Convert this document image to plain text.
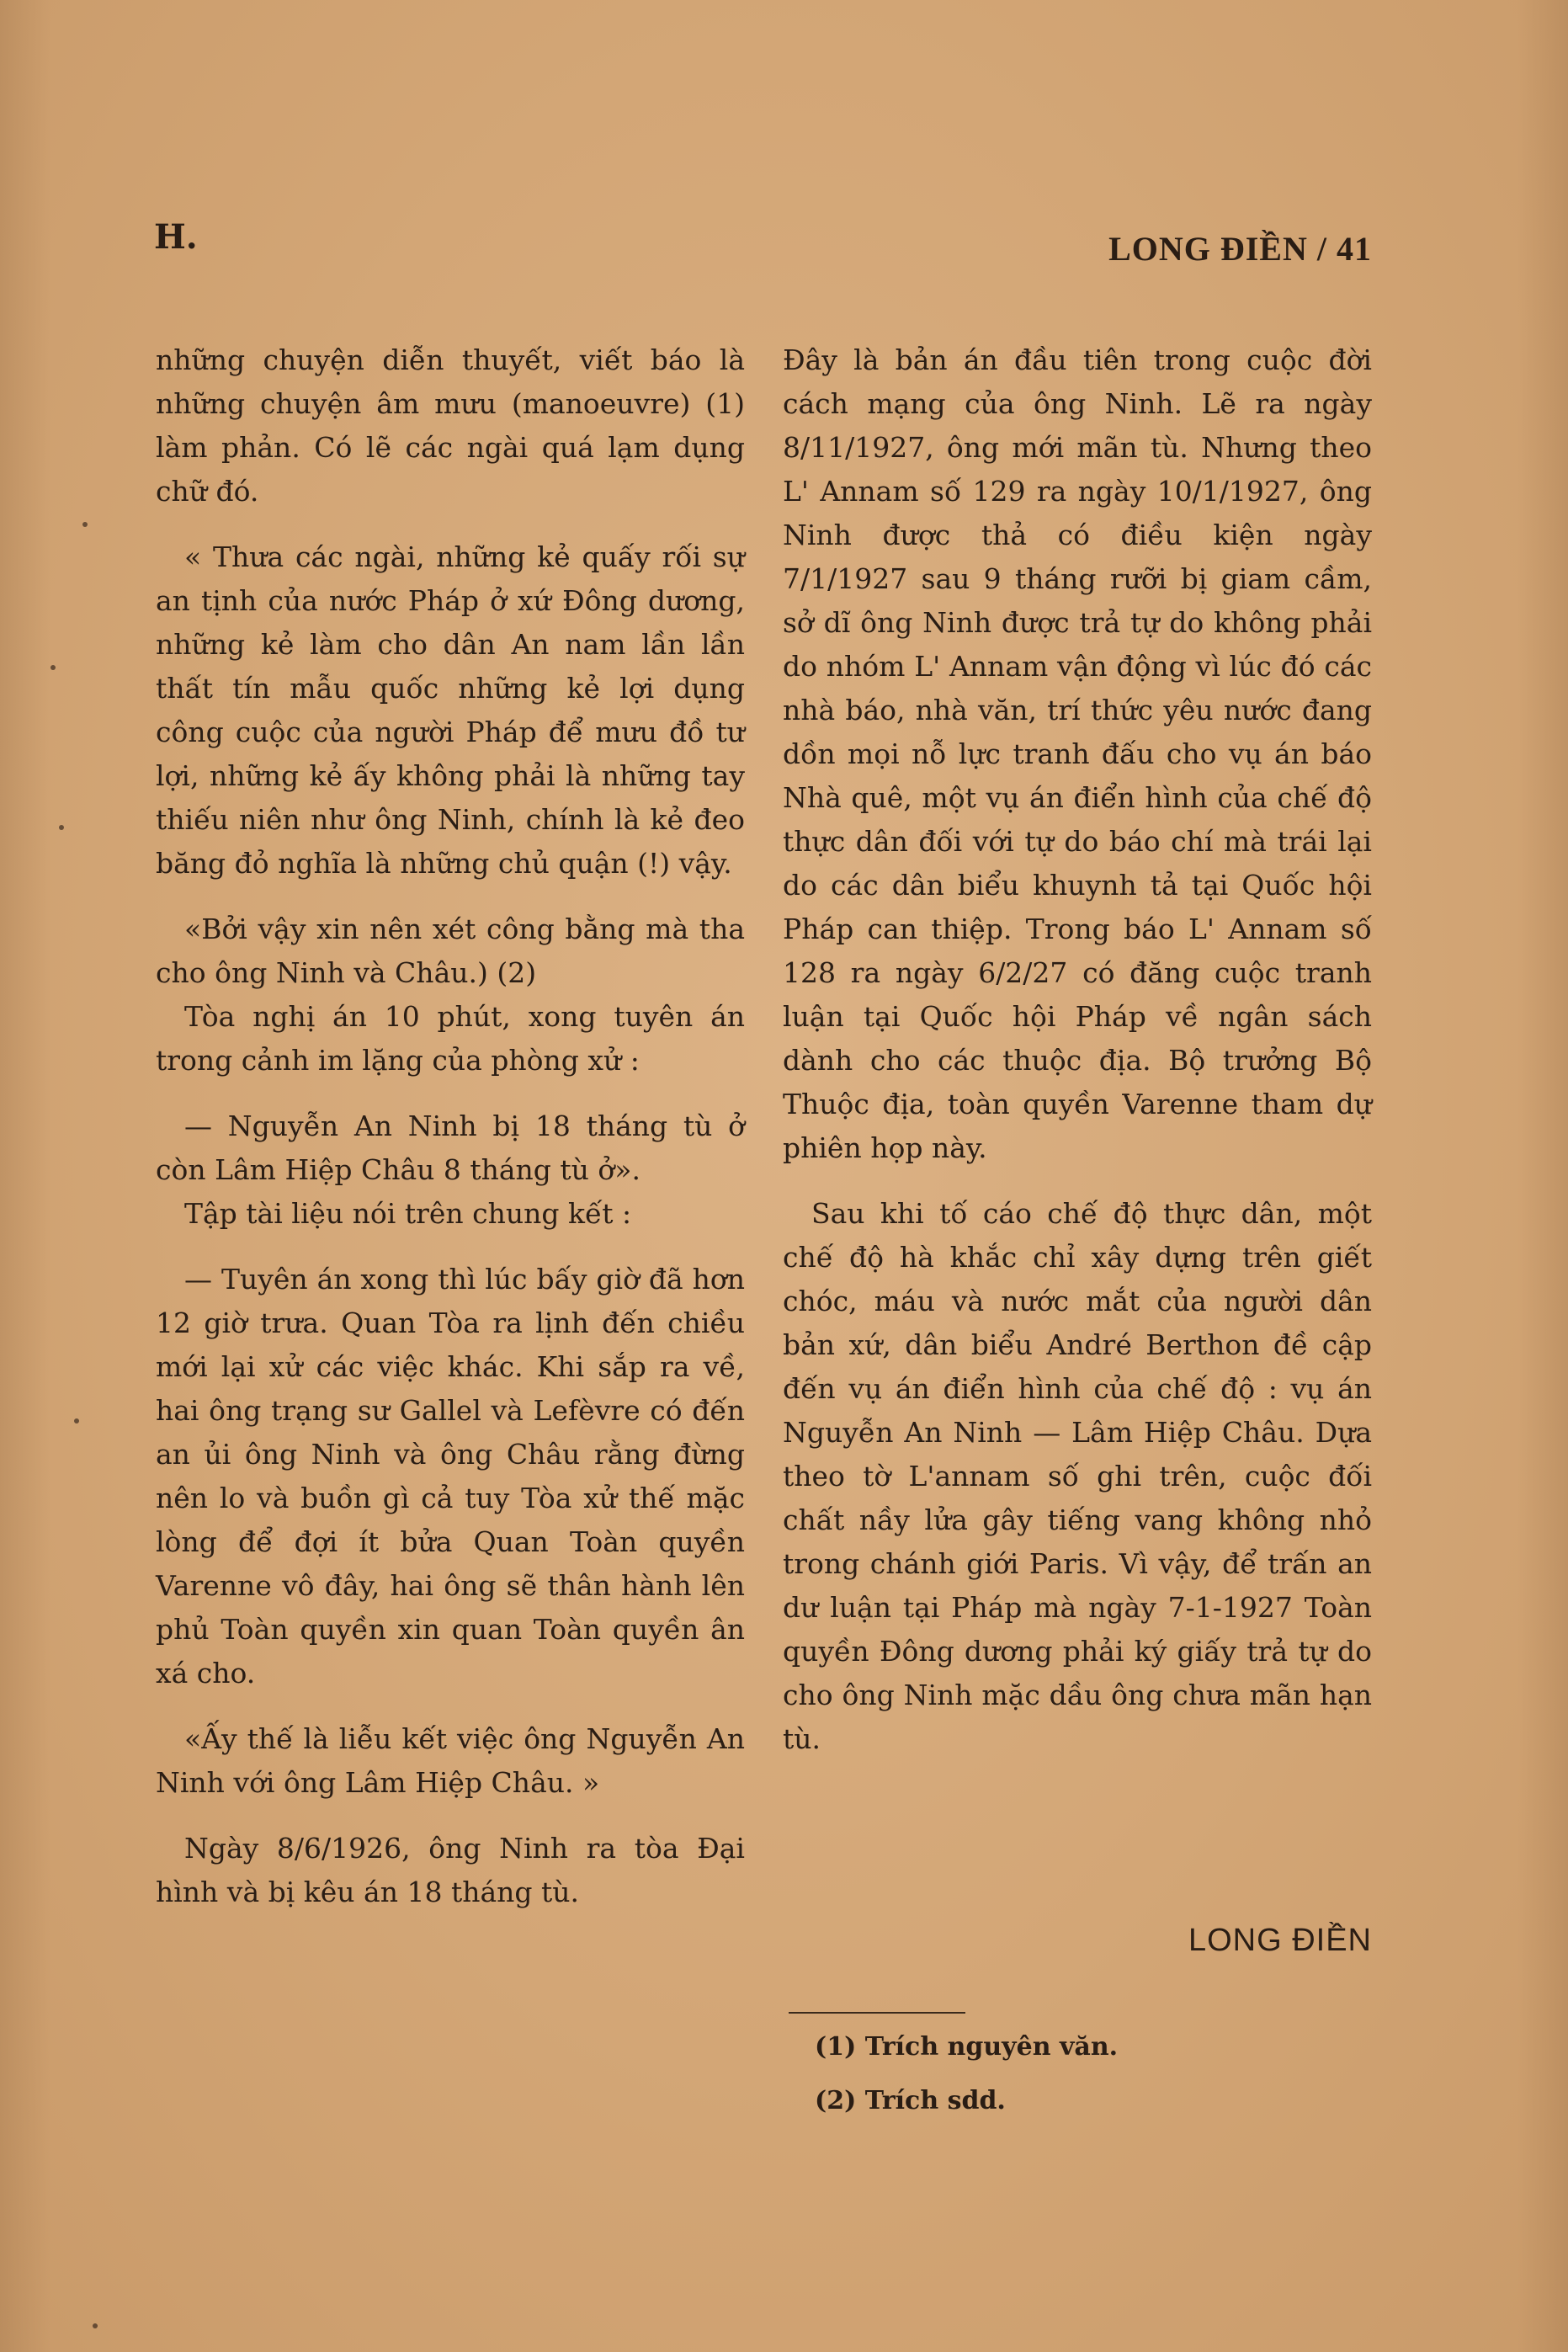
H.	LONG ĐIỀN / 41

những chuyện diễn thuyết, viết báo là những chuyện âm mưu (manoeuvre) (1) làm phản. Có lẽ các ngài quá lạm dụng chữ đó.

« Thưa các ngài, những kẻ quấy rối sự an tịnh của nước Pháp ở xứ Đông dương, những kẻ làm cho dân An nam lần lần thất tín mẫu quốc những kẻ lợi dụng công cuộc của người Pháp để mưu đồ tư lợi, những kẻ ấy không phải là những tay thiếu niên như ông Ninh, chính là kẻ đeo băng đỏ nghĩa là những chủ quận (!) vậy.

«Bởi vậy xin nên xét công bằng mà tha cho ông Ninh và Châu.) (2)

Tòa nghị án 10 phút, xong tuyên án trong cảnh im lặng của phòng xử :

— Nguyễn An Ninh bị 18 tháng tù ở còn Lâm Hiệp Châu 8 tháng tù ở».

Tập tài liệu nói trên chung kết :

— Tuyên án xong thì lúc bấy giờ đã hơn 12 giờ trưa. Quan Tòa ra lịnh đến chiều mới lại xử các việc khác. Khi sắp ra về, hai ông trạng sư Gallel và Lefèvre có đến an ủi ông Ninh và ông Châu rằng đừng nên lo và buồn gì cả tuy Tòa xử thế mặc lòng để đợi ít bửa Quan Toàn quyền Varenne vô đây, hai ông sẽ thân hành lên phủ Toàn quyền xin quan Toàn quyền ân xá cho.

«Ấy thế là liễu kết việc ông Nguyễn An Ninh với ông Lâm Hiệp Châu. »

Ngày 8/6/1926, ông Ninh ra tòa Đại hình và bị kêu án 18 tháng tù.

Đây là bản án đầu tiên trong cuộc đời cách mạng của ông Ninh. Lẽ ra ngày 8/11/1927, ông mới mãn tù. Nhưng theo L' Annam số 129 ra ngày 10/1/1927, ông Ninh được thả có điều kiện ngày 7/1/1927 sau 9 tháng rưỡi bị giam cầm, sở dĩ ông Ninh được trả tự do không phải do nhóm L' Annam vận động vì lúc đó các nhà báo, nhà văn, trí thức yêu nước đang dồn mọi nỗ lực tranh đấu cho vụ án báo Nhà quê, một vụ án điển hình của chế độ thực dân đối với tự do báo chí mà trái lại do các dân biểu khuynh tả tại Quốc hội Pháp can thiệp. Trong báo L' Annam số 128 ra ngày 6/2/27 có đăng cuộc tranh luận tại Quốc hội Pháp về ngân sách dành cho các thuộc địa. Bộ trưởng Bộ Thuộc địa, toàn quyền Varenne tham dự phiên họp này.

Sau khi tố cáo chế độ thực dân, một chế độ hà khắc chỉ xây dựng trên giết chóc, máu và nước mắt của người dân bản xứ, dân biểu André Berthon đề cập đến vụ án điển hình của chế độ : vụ án Nguyễn An Ninh — Lâm Hiệp Châu. Dựa theo tờ L'annam số ghi trên, cuộc đối chất nầy lửa gây tiếng vang không nhỏ trong chánh giới Paris. Vì vậy, để trấn an dư luận tại Pháp mà ngày 7-1-1927 Toàn quyền Đông dương phải ký giấy trả tự do cho ông Ninh mặc dầu ông chưa mãn hạn tù.

LONG ĐIỀN
(1) Trích nguyên văn.
(2) Trích sdd.
